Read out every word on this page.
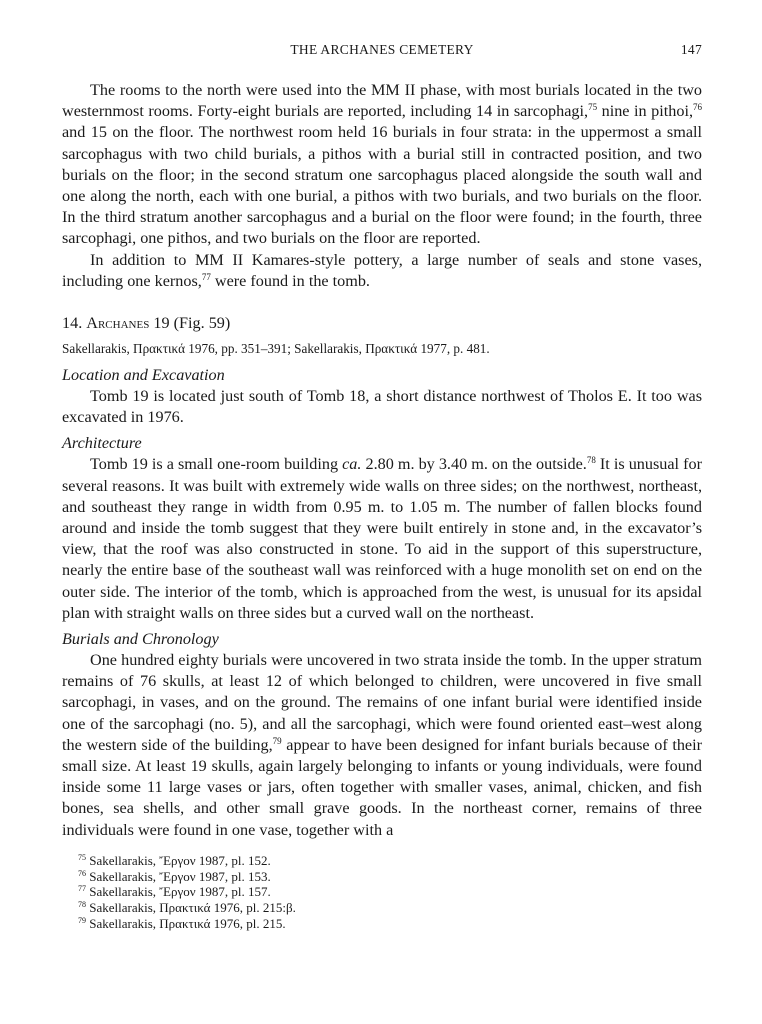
THE ARCHANES CEMETERY	147

The rooms to the north were used into the MM II phase, with most burials located in the two westernmost rooms. Forty-eight burials are reported, including 14 in sarcophagi,$^{75}$ nine in pithoi,$^{76}$ and 15 on the floor. The northwest room held 16 burials in four strata: in the uppermost a small sarcophagus with two child burials, a pithos with a burial still in contracted position, and two burials on the floor; in the second stratum one sarcophagus placed alongside the south wall and one along the north, each with one burial, a pithos with two burials, and two burials on the floor. In the third stratum another sarcophagus and a burial on the floor were found; in the fourth, three sarcophagi, one pithos, and two burials on the floor are reported.

In addition to MM II Kamares-style pottery, a large number of seals and stone vases, including one kernos,$^{77}$ were found in the tomb.

14. Archanes 19 (Fig. 59)
Sakellarakis, Πρακτικά 1976, pp. 351–391; Sakellarakis, Πρακτικά 1977, p. 481.
Location and Excavation

Tomb 19 is located just south of Tomb 18, a short distance northwest of Tholos E. It too was excavated in 1976.

Architecture

Tomb 19 is a small one-room building ca. 2.80 m. by 3.40 m. on the outside.$^{78}$ It is unusual for several reasons. It was built with extremely wide walls on three sides; on the northwest, northeast, and southeast they range in width from 0.95 m. to 1.05 m. The number of fallen blocks found around and inside the tomb suggest that they were built entirely in stone and, in the excavator’s view, that the roof was also constructed in stone. To aid in the support of this superstructure, nearly the entire base of the southeast wall was reinforced with a huge monolith set on end on the outer side. The interior of the tomb, which is approached from the west, is unusual for its apsidal plan with straight walls on three sides but a curved wall on the northeast.

Burials and Chronology

One hundred eighty burials were uncovered in two strata inside the tomb. In the upper stratum remains of 76 skulls, at least 12 of which belonged to children, were uncovered in five small sarcophagi, in vases, and on the ground. The remains of one infant burial were identified inside one of the sarcophagi (no. 5), and all the sarcophagi, which were found oriented east–west along the western side of the building,$^{79}$ appear to have been designed for infant burials because of their small size. At least 19 skulls, again largely belonging to infants or young individuals, were found inside some 11 large vases or jars, often together with smaller vases, animal, chicken, and fish bones, sea shells, and other small grave goods. In the northeast corner, remains of three individuals were found in one vase, together with a

$^{75}$ Sakellarakis, Ἔργον 1987, pl. 152.
$^{76}$ Sakellarakis, Ἔργον 1987, pl. 153.
$^{77}$ Sakellarakis, Ἔργον 1987, pl. 157.
$^{78}$ Sakellarakis, Πρακτικά 1976, pl. 215:β.
$^{79}$ Sakellarakis, Πρακτικά 1976, pl. 215.
